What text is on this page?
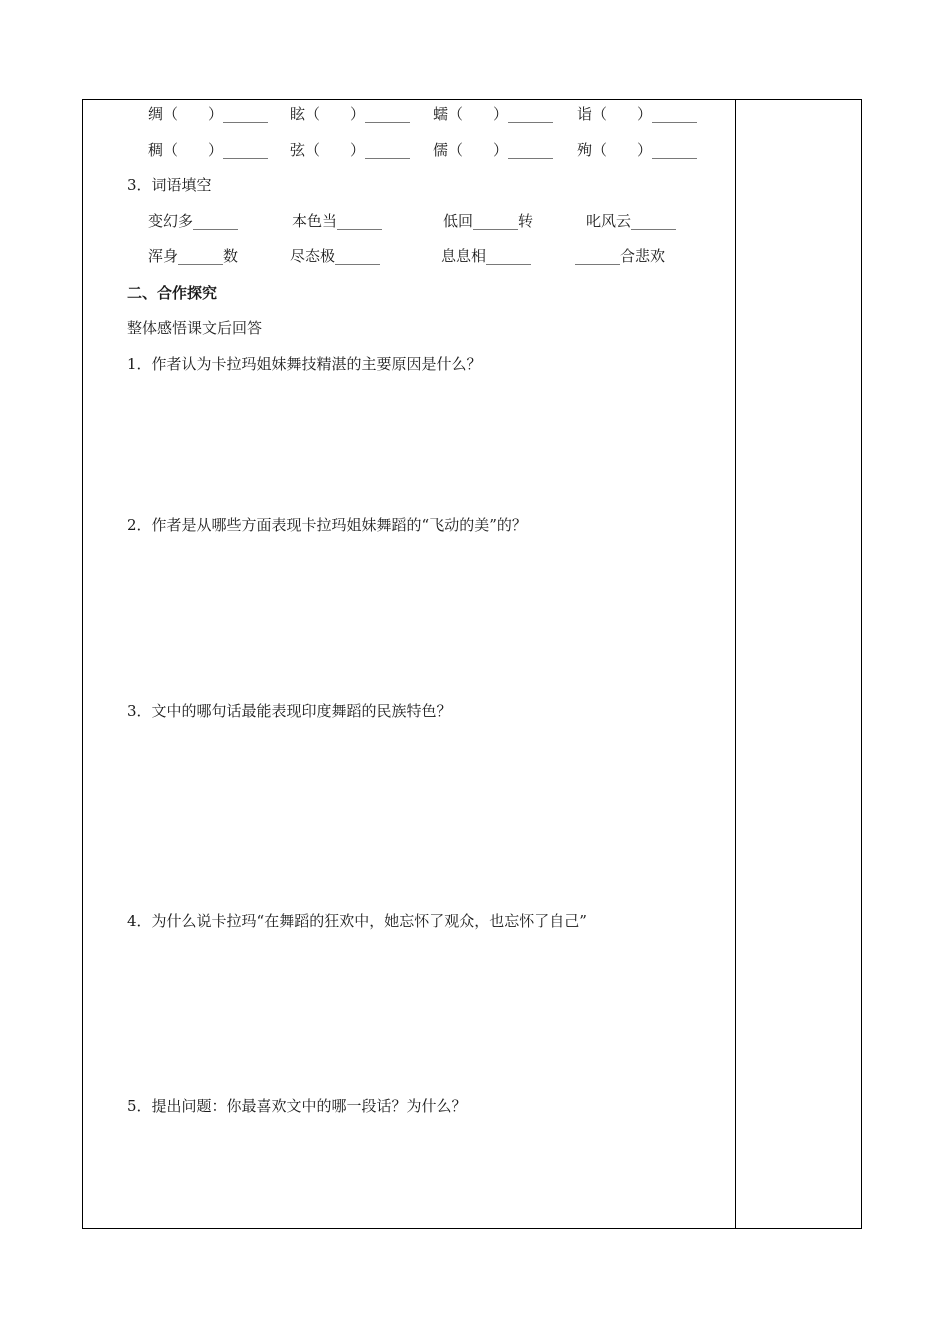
绸（　　）______ 眩（　　）______ 蠕（　　）______ 诣（　　）______
稠（　　）______ 弦（　　）______ 儒（　　）______ 殉（　　）______
3．词语填空
变幻多______	本色当______	低回______转	叱风云______
浑身______数	尽态极______	息息相______	______合悲欢
二、合作探究
整体感悟课文后回答
1．作者认为卡拉玛姐妹舞技精湛的主要原因是什么？
2．作者是从哪些方面表现卡拉玛姐妹舞蹈的“飞动的美”的？
3．文中的哪句话最能表现印度舞蹈的民族特色？
4．为什么说卡拉玛“在舞蹈的狂欢中，她忘怀了观众，也忘怀了自己”
5．提出问题：你最喜欢文中的哪一段话？为什么？
